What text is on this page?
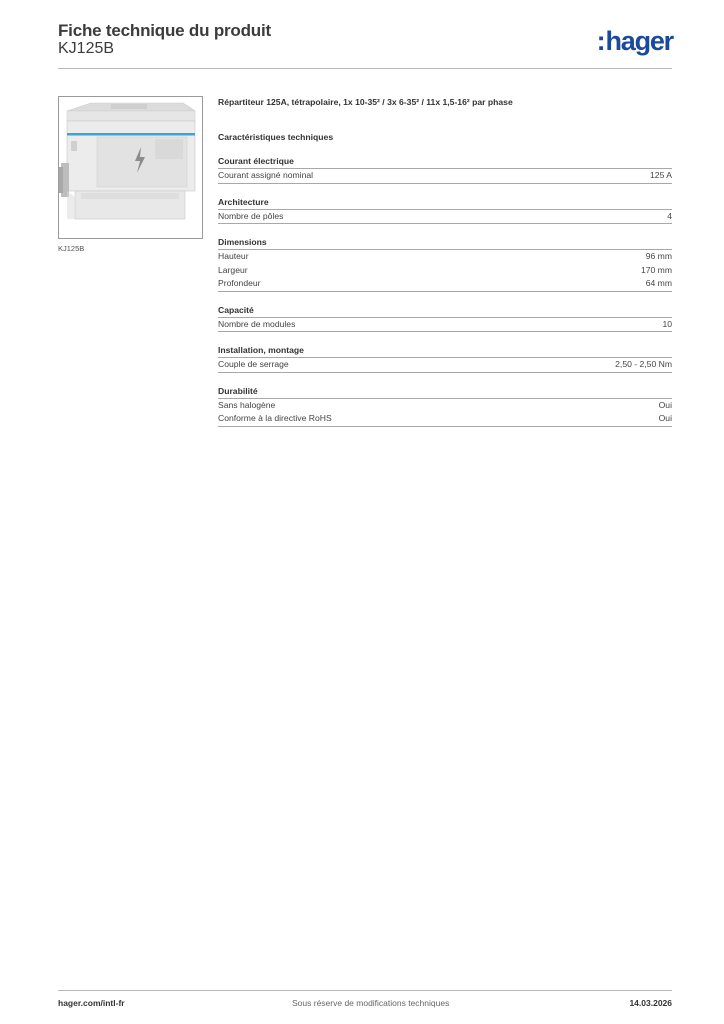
Fiche technique du produit
KJ125B	:hager
KJ125B

Répartiteur 125A, tétrapolaire, 1x 10-35² / 3x 6-35² / 11x 1,5-16² par phase

Caractéristiques techniques
Courant électrique
Courant assigné nominal	125 A
Architecture
Nombre de pôles	4
Dimensions
Hauteur	96 mm
Largeur	170 mm
Profondeur	64 mm
Capacité
Nombre de modules	10
Installation, montage
Couple de serrage	2,50 - 2,50 Nm
Durabilité
Sans halogène	Oui
Conforme à la directive RoHS	Oui
hager.com/intl-fr	Sous réserve de modifications techniques	14.03.2026
